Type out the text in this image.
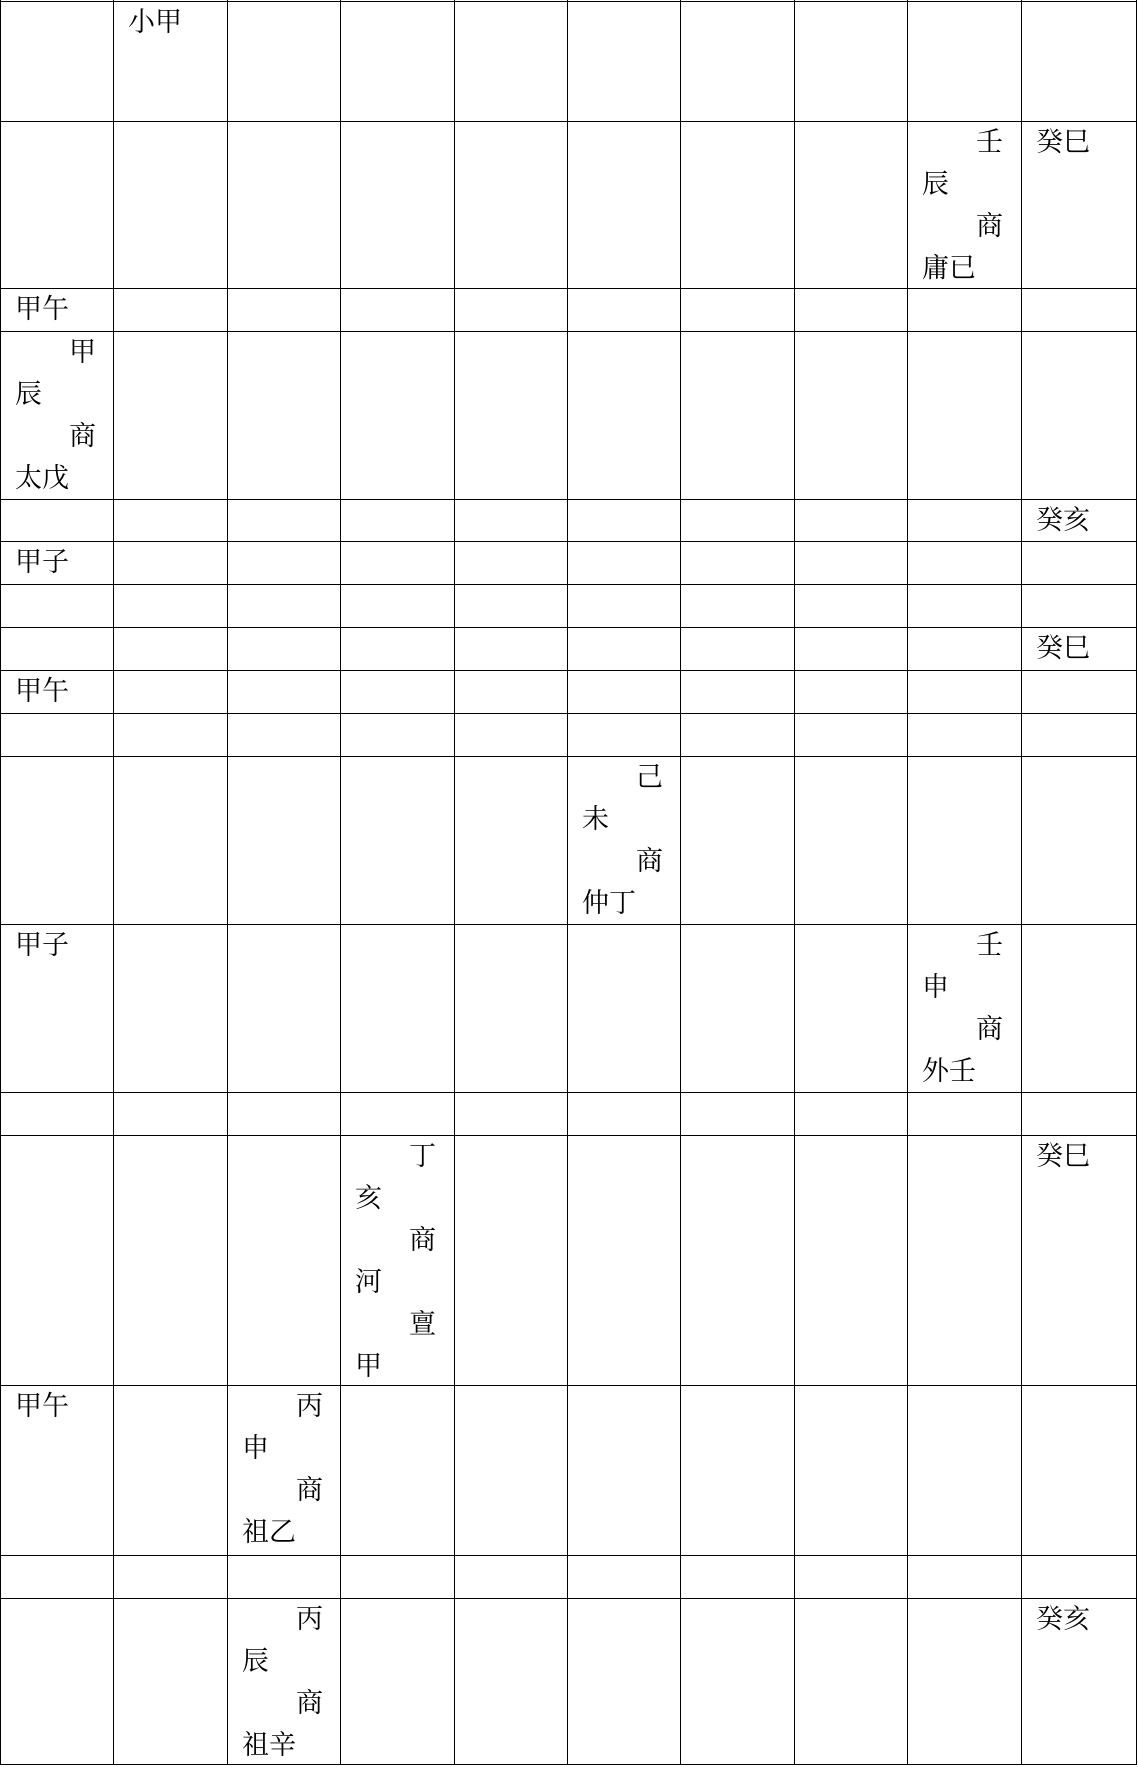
小甲
　　壬
辰
　　商
庸已
癸巳
甲午
　　甲
辰
　　商
太戊
癸亥
甲子
癸巳
甲午
　　己
未
　　商
仲丁
甲子	　　壬
申
　　商
外壬
　　丁
亥
　　商
河
　　亶
甲
癸巳
甲午	　　丙
申
　　商
祖乙
　　丙
辰
　　商
祖辛
癸亥
